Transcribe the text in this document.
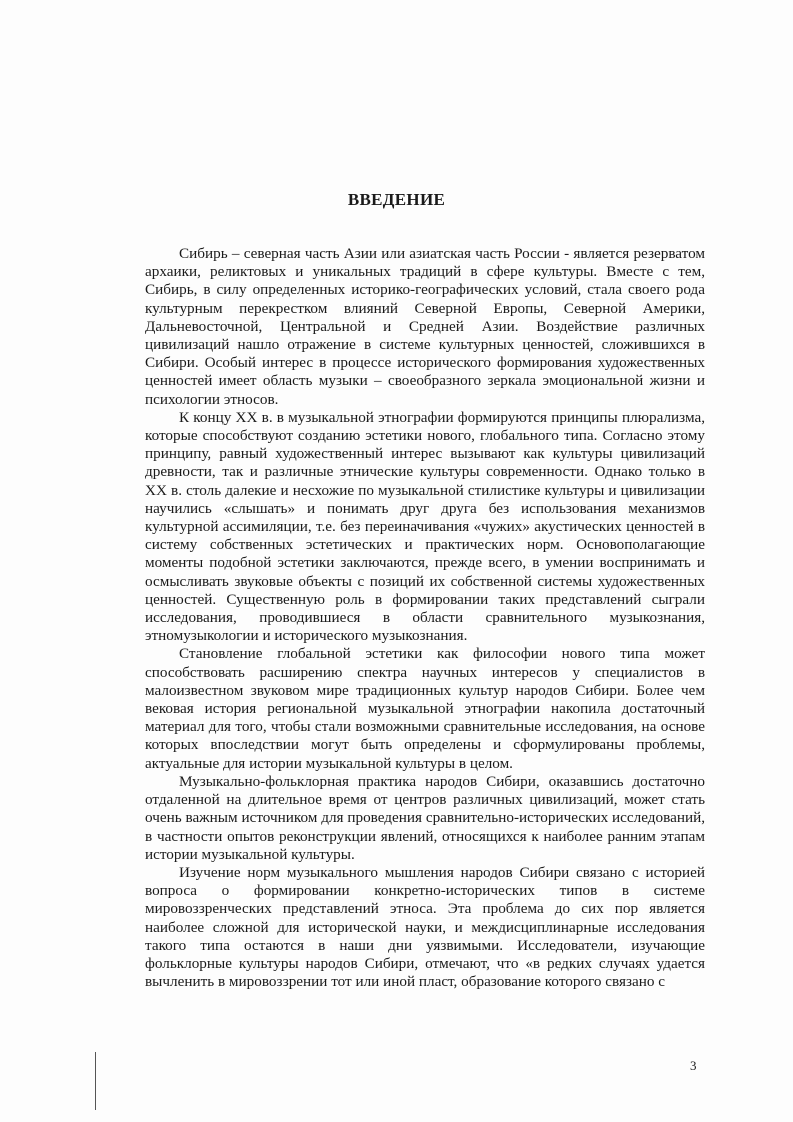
ВВЕДЕНИЕ

Сибирь – северная часть Азии или азиатская часть России - является резерватом архаики, реликтовых и уникальных традиций в сфере культуры. Вместе с тем, Сибирь, в силу определенных историко-географических условий, стала своего рода культурным перекрестком влияний Северной Европы, Северной Америки, Дальневосточной, Центральной и Средней Азии. Воздействие различных цивилизаций нашло отражение в системе культурных ценностей, сложившихся в Сибири. Особый интерес в процессе исторического формирования художественных ценностей имеет область музыки – своеобразного зеркала эмоциональной жизни и психологии этносов.

К концу XX в. в музыкальной этнографии формируются принципы плюрализма, которые способствуют созданию эстетики нового, глобального типа. Согласно этому принципу, равный художественный интерес вызывают как культуры цивилизаций древности, так и различные этнические культуры современности. Однако только в XX в. столь далекие и несхожие по музыкальной стилистике культуры и цивилизации научились «слышать» и понимать друг друга без использования механизмов культурной ассимиляции, т.е. без переиначивания «чужих» акустических ценностей в систему собственных эстетических и практических норм. Основополагающие моменты подобной эстетики заключаются, прежде всего, в умении воспринимать и осмысливать звуковые объекты с позиций их собственной системы художественных ценностей. Существенную роль в формировании таких представлений сыграли исследования, проводившиеся в области сравнительного музыкознания, этномузыкологии и исторического музыкознания.

Становление глобальной эстетики как философии нового типа может способствовать расширению спектра научных интересов у специалистов в малоизвестном звуковом мире традиционных культур народов Сибири. Более чем вековая история региональной музыкальной этнографии накопила достаточный материал для того, чтобы стали возможными сравнительные исследования, на основе которых впоследствии могут быть определены и сформулированы проблемы, актуальные для истории музыкальной культуры в целом.

Музыкально-фольклорная практика народов Сибири, оказавшись достаточно отдаленной на длительное время от центров различных цивилизаций, может стать очень важным источником для проведения сравнительно-исторических исследований, в частности опытов реконструкции явлений, относящихся к наиболее ранним этапам истории музыкальной культуры.

Изучение норм музыкального мышления народов Сибири связано с историей вопроса о формировании конкретно-исторических типов в системе мировоззренческих представлений этноса. Эта проблема до сих пор является наиболее сложной для исторической науки, и междисциплинарные исследования такого типа остаются в наши дни уязвимыми. Исследователи, изучающие фольклорные культуры народов Сибири, отмечают, что «в редких случаях удается вычленить в мировоззрении тот или иной пласт, образование которого связано с

3
